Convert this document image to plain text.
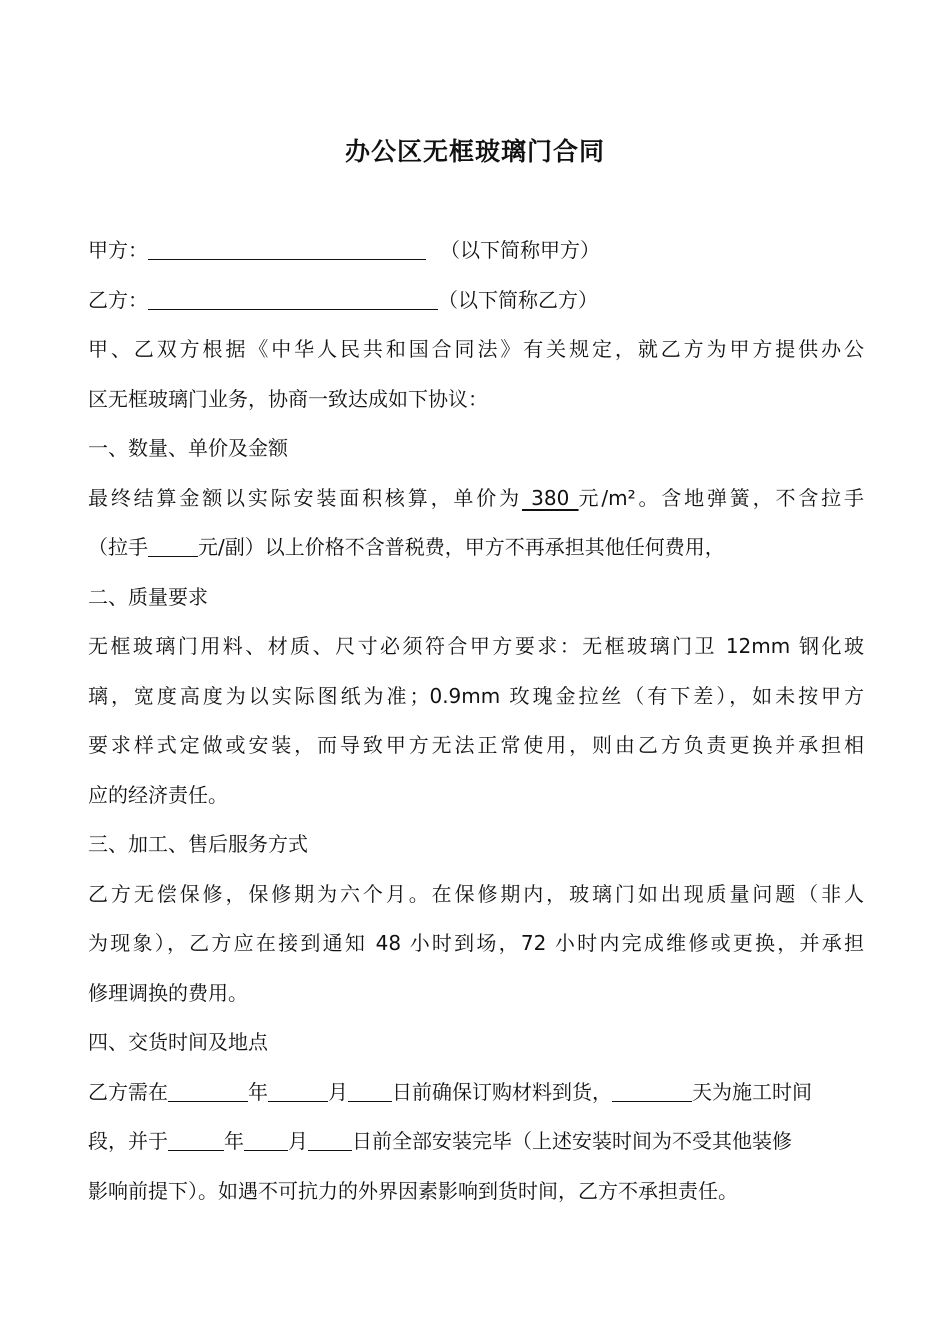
办公区无框玻璃门合同
甲方：	（以下简称甲方）
乙方：	（以下简称乙方）
甲、乙双方根据《中华人民共和国合同法》有关规定，就乙方为甲方提供办公
区无框玻璃门业务，协商一致达成如下协议：
一、数量、单价及金额
最终结算金额以实际安装面积核算，单价为 380 元/m²。含地弹簧，不含拉手
（拉手	元/副）以上价格不含普税费，甲方不再承担其他任何费用，
二、质量要求
无框玻璃门用料、材质、尺寸必须符合甲方要求：无框玻璃门卫 12mm 钢化玻
璃，宽度高度为以实际图纸为准；0.9mm 玫瑰金拉丝（有下差），如未按甲方
要求样式定做或安装，而导致甲方无法正常使用，则由乙方负责更换并承担相
应的经济责任。
三、加工、售后服务方式
乙方无偿保修，保修期为六个月。在保修期内，玻璃门如出现质量问题（非人
为现象），乙方应在接到通知 48 小时到场，72 小时内完成维修或更换，并承担
修理调换的费用。
四、交货时间及地点
乙方需在	年	月 日前确保订购材料到货，	天为施工时间
段，并于	年 月 日前全部安装完毕（上述安装时间为不受其他装修
影响前提下）。如遇不可抗力的外界因素影响到货时间，乙方不承担责任。
